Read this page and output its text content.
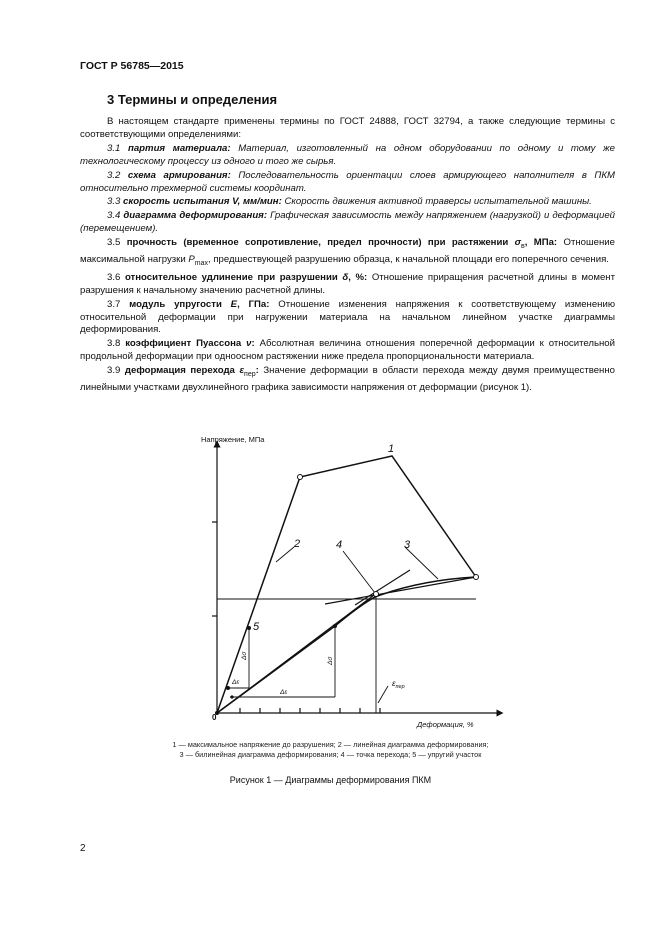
ГОСТ Р 56785—2015
3 Термины и определения

В настоящем стандарте применены термины по ГОСТ 24888, ГОСТ 32794, а также следующие термины с соответствующими определениями:

3.1 партия материала: Материал, изготовленный на одном оборудовании по одному и тому же технологическому процессу из одного и того же сырья.

3.2 схема армирования: Последовательность ориентации слоев армирующего наполнителя в ПКМ относительно трехмерной системы координат.

3.3 скорость испытания V, мм/мин: Скорость движения активной траверсы испытательной машины.

3.4 диаграмма деформирования: Графическая зависимость между напряжением (нагрузкой) и деформацией (перемещением).

3.5 прочность (временное сопротивление, предел прочности) при растяжении $\sigma_в$, МПа: Отношение максимальной нагрузки $P_{max}$, предшествующей разрушению образца, к начальной площади его поперечного сечения.

3.6 относительное удлинение при разрушении δ, %: Отношение приращения расчетной длины в момент разрушения к начальному значению расчетной длины.

3.7 модуль упругости E, ГПа: Отношение изменения напряжения к соответствующему изменению относительной деформации при нагружении материала на начальном линейном участке диаграммы деформирования.

3.8 коэффициент Пуассона ν: Абсолютная величина отношения поперечной деформации к относительной продольной деформации при одноосном растяжении ниже предела пропорциональности материала.

3.9 деформация перехода $\varepsilon_{пер}$: Значение деформации в области перехода между двумя преимущественно линейными участками двухлинейного графика зависимости напряжения от деформации (рисунок 1).

Напряжение, МПа
Деформация, %
0
1
2	3
4
5
Δσ
Δσ
Δε
Δε
$\varepsilon_{пер}$
1 — максимальное напряжение до разрушения; 2 — линейная диаграмма деформирования;
3 — билинейная диаграмма деформирования; 4 — точка перехода; 5 — упругий участок
Рисунок 1 — Диаграммы деформирования ПКМ
2
